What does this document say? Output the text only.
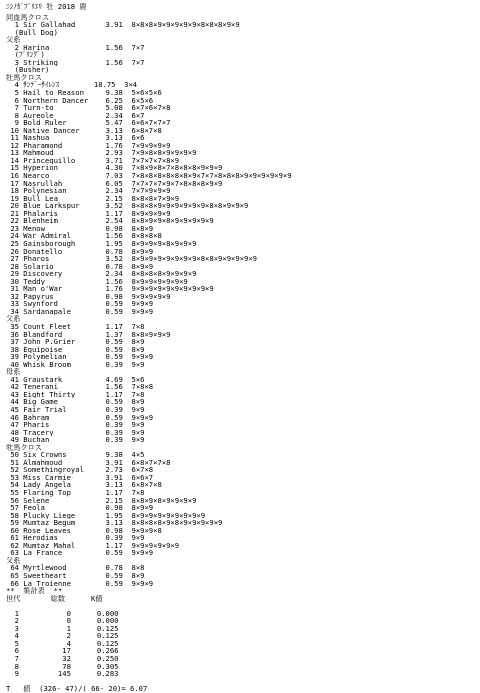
ﾆｼﾉｶﾞﾌﾞﾘｴﾘ 牡 2018 鹿
同血馬クロス
1 Sir Gallahad       3.91  8×8×8×9×9×9×9×9×8×8×8×9×9
(Bull Dog)
父系
2 Harina             1.56  7×7
(ﾌﾞﾘﾝｸﾞ)
3 Striking           1.56  7×7
(Busher)
牡馬クロス
4 ｻﾝﾃﾞｰｻｲﾚﾝｽ        18.75  3×4
5 Hail to Reason     9.38  5×6×5×6
6 Northern Dancer    6.25  6×5×6
7 Turn-to            5.08  6×7×6×7×8
8 Aureole            2.34  6×7
9 Bold Ruler         5.47  6×6×7×7×7
10 Native Dancer      3.13  6×8×7×8
11 Nashua             3.13  6×6
12 Pharamond          1.76  7×9×9×9×9
13 Mahmoud            2.93  7×9×8×8×9×9×9×9
14 Princequillo       3.71  7×7×7×7×8×9
15 Hyperion           4.30  7×8×9×8×7×8×8×8×9×9×9
16 Nearco             7.03  7×8×8×8×8×8×8×9×7×7×8×8×8×9×9×9×9×9×9
17 Nasrullah          6.05  7×7×7×7×9×7×8×8×8×9×9
18 Polynesian         2.34  7×7×9×9×9
19 Bull Lea           2.15  8×8×8×7×9×9
20 Blue Larkspur      3.52  8×8×8×9×9×9×9×9×9×8×8×9×9×9
21 Phalaris           1.17  8×9×9×9×9
22 Blenheim           2.54  8×8×9×9×8×9×9×9×9×9
23 Menow              0.98  8×8×9
24 War Admiral        1.56  8×8×8×8
25 Gainsborough       1.95  8×9×9×9×8×9×9×9
26 Donatello          0.78  8×9×9
27 Pharos             3.52  8×9×9×9×9×9×9×9×8×8×9×9×9×9×9
28 Solario            0.78  8×9×9
29 Discovery          2.34  8×8×8×8×9×9×9×9
30 Teddy              1.56  8×9×9×9×9×9×9
31 Man o'War          1.76  9×9×9×9×9×9×9×9×9×9
32 Papyrus            0.98  9×9×9×9×9
33 Swynford           0.59  9×9×9
34 Sardanapale        0.59  9×9×9
父系
35 Count Fleet        1.17  7×8
36 Blandford          1.37  8×8×9×9×9
37 John P.Grier       0.59  8×9
38 Equipoise          0.59  8×9
39 Polymelian         0.59  9×9×9
40 Whisk Broom        0.39  9×9
母系
41 Graustark          4.69  5×6
42 Tenerani           1.56  7×8×8
43 Eight Thirty       1.17  7×8
44 Big Game           0.59  8×9
45 Fair Trial         0.39  9×9
46 Bahram             0.59  9×9×9
47 Pharis             0.39  9×9
48 Tracery            0.39  9×9
49 Buchan             0.39  9×9
牝馬クロス
50 Six Crowns         9.38  4×5
51 Almahmoud          3.91  6×8×7×7×8
52 Somethingroyal     2.73  6×7×8
53 Miss Carmie        3.91  6×6×7
54 Lady Angela        3.13  6×8×7×8
55 Flaring Top        1.17  7×8
56 Selene             2.15  8×8×9×8×9×9×9×9
57 Feola              0.98  8×9×9
58 Plucky Liege       1.95  8×9×9×9×9×9×9×9×9
59 Mumtaz Begum       3.13  8×8×8×8×9×8×9×9×9×9×9
60 Rose Leaves        0.98  9×9×9×8
61 Herodias           0.39  9×9
62 Mumtaz Mahal       1.17  9×9×9×9×9×9
63 La France          0.59  9×9×9
父系
64 Myrtlewood         0.78  8×8
65 Sweetheart         0.59  8×9
66 La Troienne        0.59  9×9×9
**  集計表  **
世代       総数      K値
1           0      0.000
2           0      0.000
3           1      0.125
4           2      0.125
5           4      0.125
6          17      0.266
7          32      0.250
8          78      0.305
9         145      0.283
T   値  (326- 47)/( 66- 20)= 6.07
